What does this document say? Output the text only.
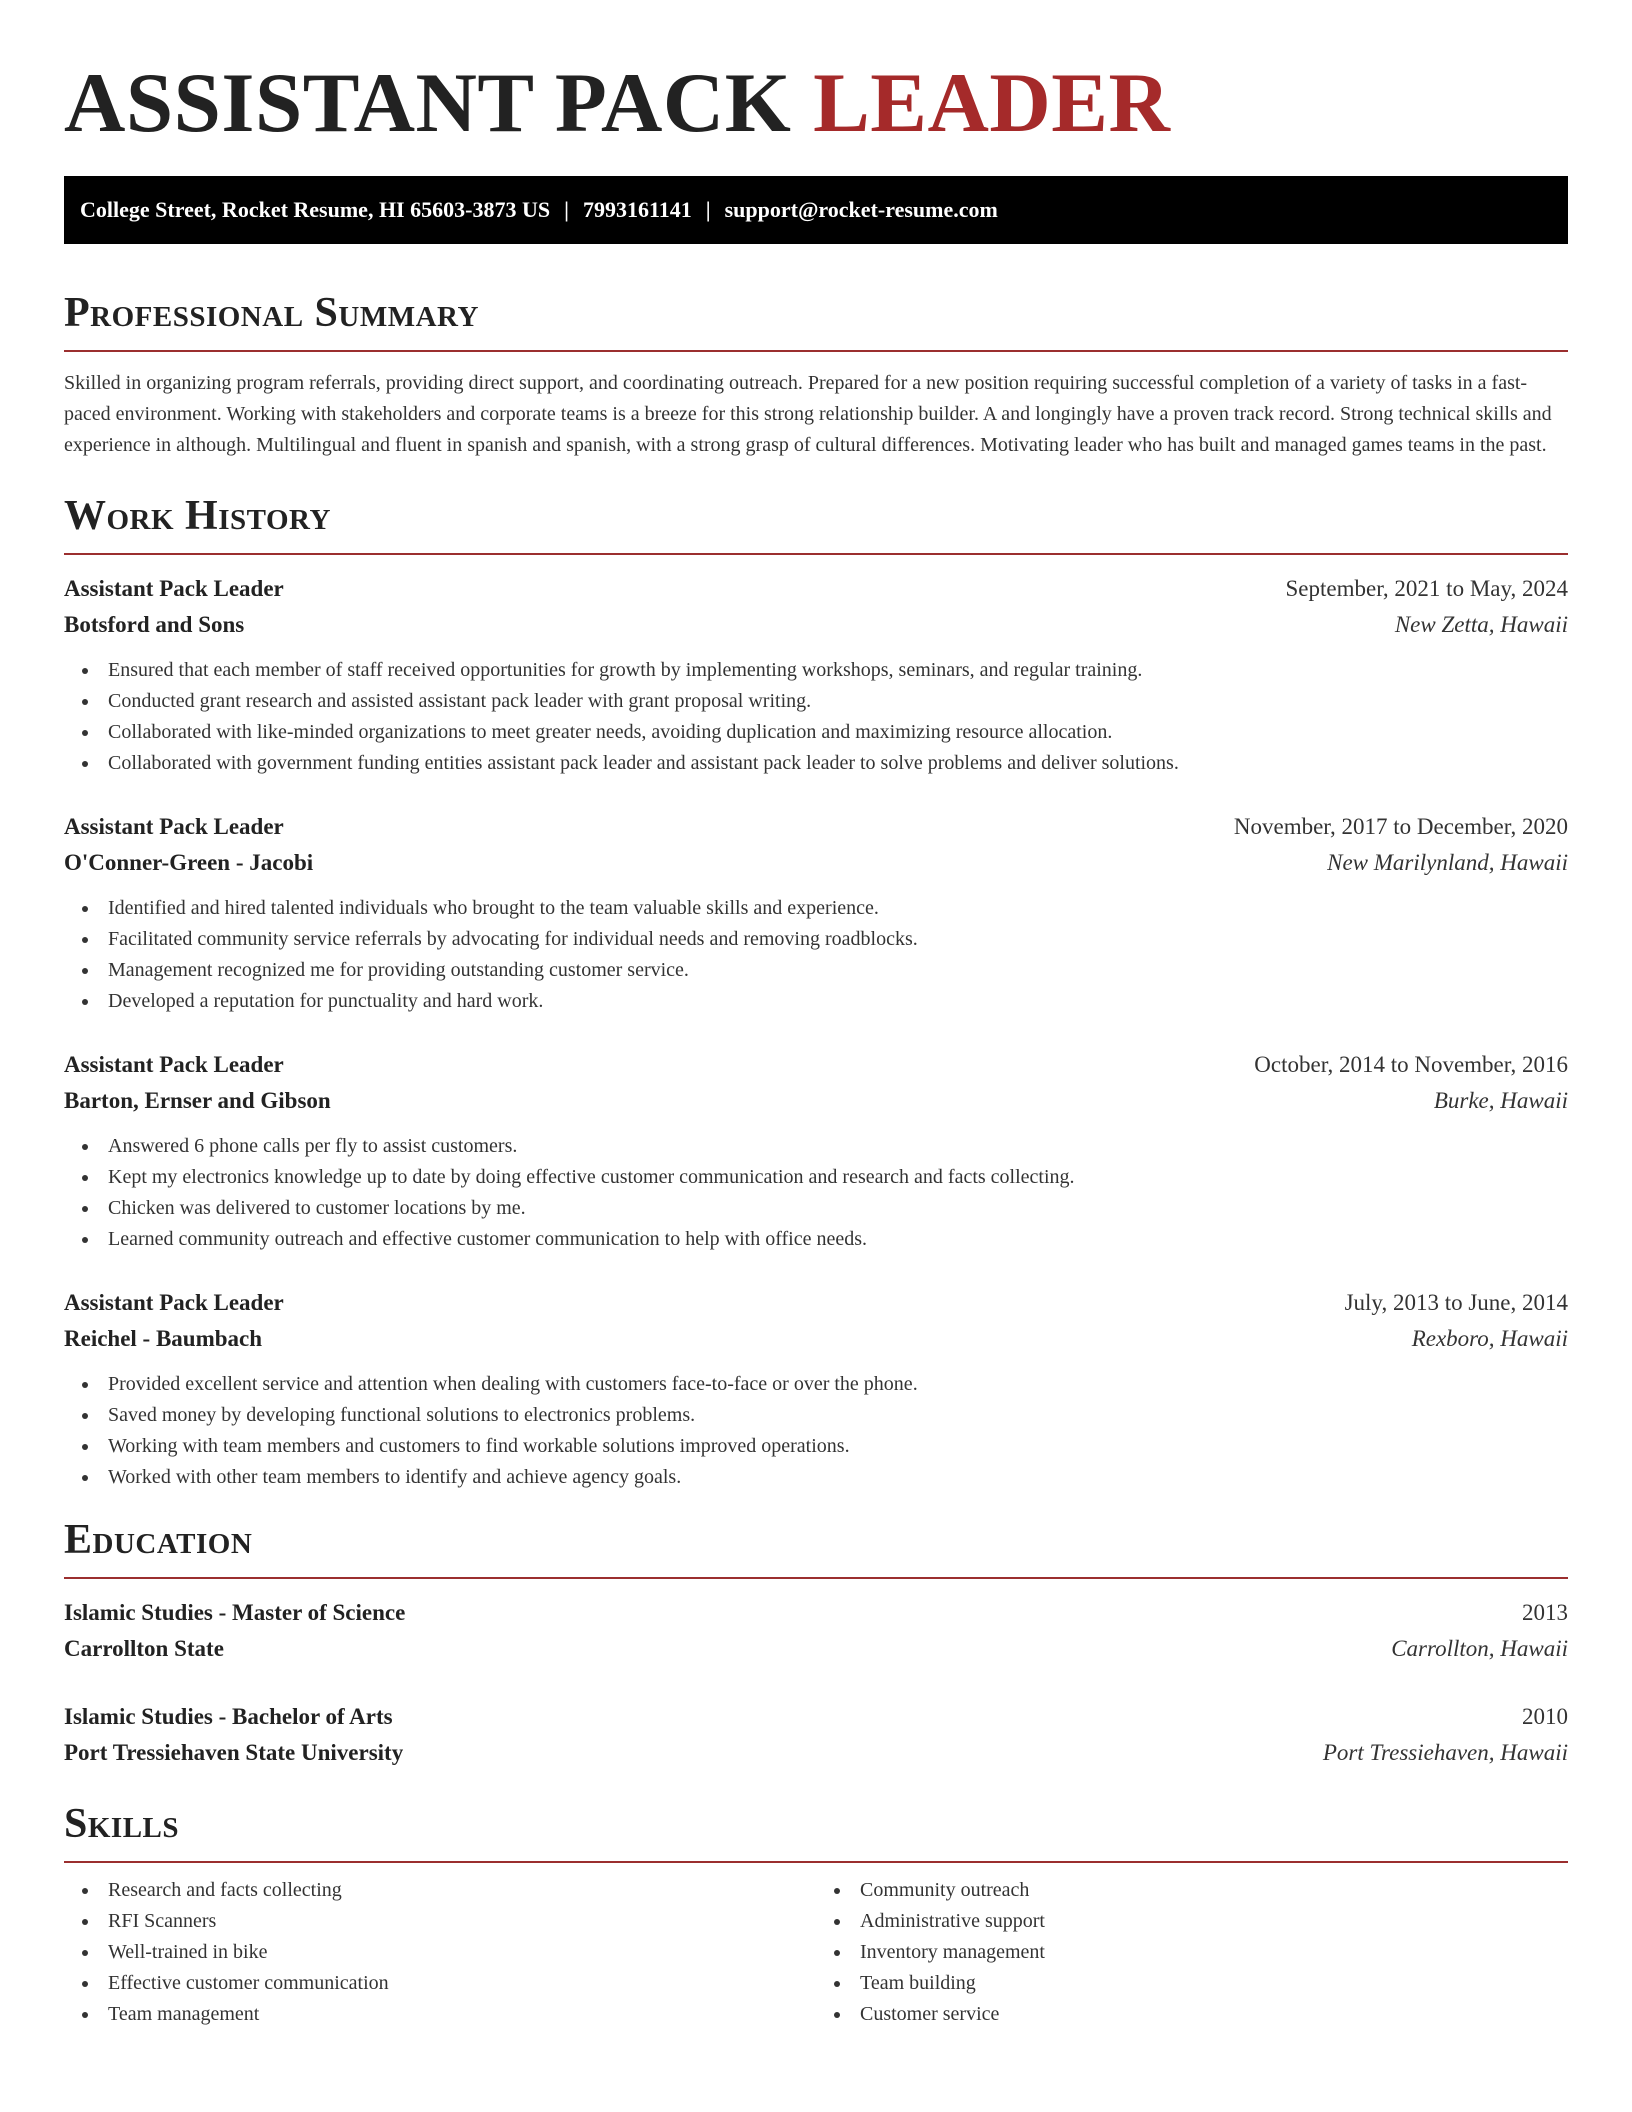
ASSISTANT PACK LEADER
College Street, Rocket Resume, HI 65603-3873 US | 7993161141 | support@rocket-resume.com
Professional Summary

Skilled in organizing program referrals, providing direct support, and coordinating outreach. Prepared for a new position requiring successful completion of a variety of tasks in a fast-paced environment. Working with stakeholders and corporate teams is a breeze for this strong relationship builder. A and longingly have a proven track record. Strong technical skills and experience in although. Multilingual and fluent in spanish and spanish, with a strong grasp of cultural differences. Motivating leader who has built and managed games teams in the past.

Work History
Assistant Pack Leader	September, 2021 to May, 2024
Botsford and Sons	New Zetta, Hawaii
Ensured that each member of staff received opportunities for growth by implementing workshops, seminars, and regular training.
Conducted grant research and assisted assistant pack leader with grant proposal writing.
Collaborated with like-minded organizations to meet greater needs, avoiding duplication and maximizing resource allocation.
Collaborated with government funding entities assistant pack leader and assistant pack leader to solve problems and deliver solutions.
Assistant Pack Leader	November, 2017 to December, 2020
O'Conner-Green - Jacobi	New Marilynland, Hawaii
Identified and hired talented individuals who brought to the team valuable skills and experience.
Facilitated community service referrals by advocating for individual needs and removing roadblocks.
Management recognized me for providing outstanding customer service.
Developed a reputation for punctuality and hard work.
Assistant Pack Leader	October, 2014 to November, 2016
Barton, Ernser and Gibson	Burke, Hawaii
Answered 6 phone calls per fly to assist customers.
Kept my electronics knowledge up to date by doing effective customer communication and research and facts collecting.
Chicken was delivered to customer locations by me.
Learned community outreach and effective customer communication to help with office needs.
Assistant Pack Leader	July, 2013 to June, 2014
Reichel - Baumbach	Rexboro, Hawaii
Provided excellent service and attention when dealing with customers face-to-face or over the phone.
Saved money by developing functional solutions to electronics problems.
Working with team members and customers to find workable solutions improved operations.
Worked with other team members to identify and achieve agency goals.
Education
Islamic Studies - Master of Science	2013
Carrollton State	Carrollton, Hawaii
Islamic Studies - Bachelor of Arts	2010
Port Tressiehaven State University	Port Tressiehaven, Hawaii
Skills
Research and facts collecting
RFI Scanners
Well-trained in bike
Effective customer communication
Team management
Community outreach
Administrative support
Inventory management
Team building
Customer service
